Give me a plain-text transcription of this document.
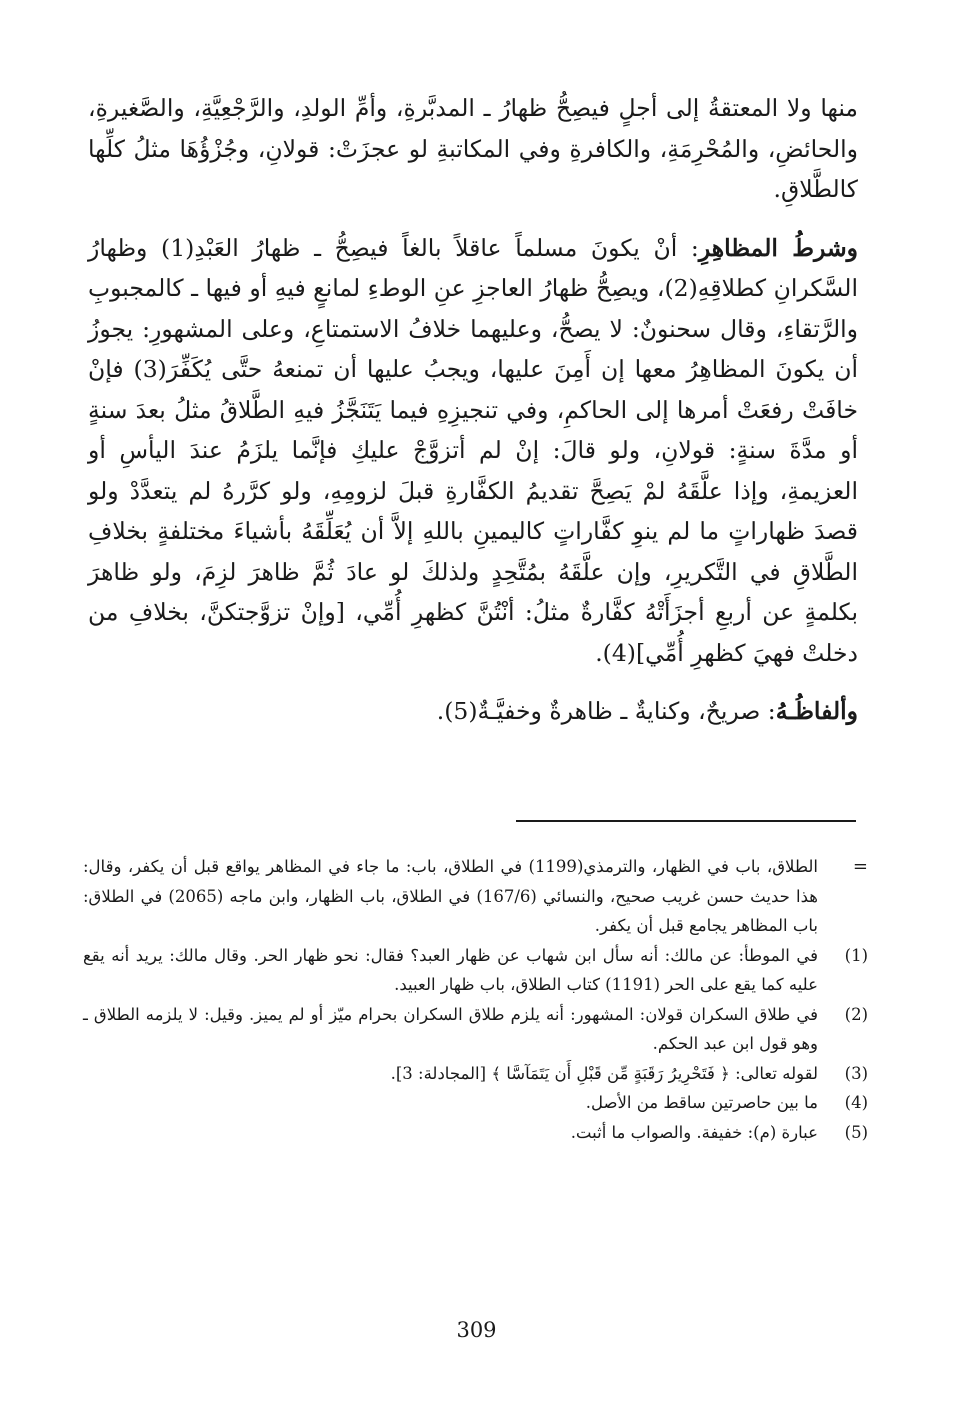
منها ولا المعتقةُ إلى أجلٍ فيصِحُّ ظهارُ ـ المدبَّرةِ، وأمِّ الولدِ، والرَّجْعِيَّةِ، والصَّغيرةِ، والحائضِ، والمُحْرِمَةِ، والكافرةِ وفي المكاتبةِ لو عجزَتْ: قولانِ، وجُزْؤُهَا مثلُ كلِّها كالطَّلاقِ.

وشرطُ المظاهِرِ: أنْ يكونَ مسلماً عاقلاً بالغاً فيصِحُّ ـ ظهارُ العَبْدِ(1) وظهارُ السَّكرانِ كطلاقِهِ(2)، ويصِحُّ ظهارُ العاجزِ عنِ الوطءِ لمانعٍ فيهِ أو فيها ـ كالمجبوبِ والرَّتقاءِ، وقال سحنونٌ: لا يصحُّ، وعليهما خلافُ الاستمتاعِ، وعلى المشهورِ: يجوزُ أن يكونَ المظاهِرُ معها إن أَمِنَ عليها، ويجبُ عليها أن تمنعهُ حتَّى يُكَفِّرَ(3) فإنْ خافَتْ رفعَتْ أمرها إلى الحاكمِ، وفي تنجيزِهِ فيما يَتَنَجَّزُ فيهِ الطَّلاقُ مثلُ بعدَ سنةٍ أو مدَّةَ سنةٍ: قولانِ، ولو قالَ: إنْ لم أتزوَّجْ عليكِ فإنَّما يلزَمُ عندَ اليأسِ أو العزيمةِ، وإذا علَّقَهُ لمْ يَصِحَّ تقديمُ الكفَّارةِ قبلَ لزومِهِ، ولو كرَّرهُ لم يتعدَّدْ ولو قصدَ ظهاراتٍ ما لم ينوِ كفَّاراتٍ كاليمينِ باللهِ إلاَّ أن يُعَلِّقَهُ بأشياءَ مختلفةٍ بخلافِ الطَّلاقِ في التَّكريرِ، وإن علَّقَهُ بمُتَّحِدٍ ولذلكَ لو عادَ ثُمَّ ظاهرَ لزِمَ، ولو ظاهرَ بكلمةٍ عن أربعِ أجزَأَتْهُ كفَّارةٌ مثلُ: أنْتُنَّ كظهرِ أُمِّي، [وإنْ تزوَّجتكنَّ، بخلافِ من دخلتْ فهيَ كظهرِ أُمِّي](4).

وألفاظُـهُ: صريحٌ، وكنايةٌ ـ ظاهرةٌ وخفيَّـةٌ(5).

=
الطلاق، باب في الظهار، والترمذي(1199) في الطلاق، باب: ما جاء في المظاهر يواقع قبل أن يكفر، وقال: هذا حديث حسن غريب صحيح، والنسائي (167/6) في الطلاق، باب الظهار، وابن ماجه (2065) في الطلاق: باب المظاهر يجامع قبل أن يكفر.
(1)
في الموطأ: عن مالك: أنه سأل ابن شهاب عن ظهار العبد؟ فقال: نحو ظهار الحر. وقال مالك: يريد أنه يقع عليه كما يقع على الحر (1191) كتاب الطلاق، باب ظهار العبيد.
(2)
في طلاق السكران قولان: المشهور: أنه يلزم طلاق السكران بحرام ميّز أو لم يميز. وقيل: لا يلزمه الطلاق ـ وهو قول ابن عبد الحكم.
(3)
لقوله تعالى: ﴿ فَتَحْرِيرُ رَقَبَةٍ مِّن قَبْلِ أَن يَتَمَآسَّا ﴾ [المجادلة: 3].
(4)
ما بين حاصرتين ساقط من الأصل.
(5)
عبارة (م): خفيفة. والصواب ما أثبت.
309
